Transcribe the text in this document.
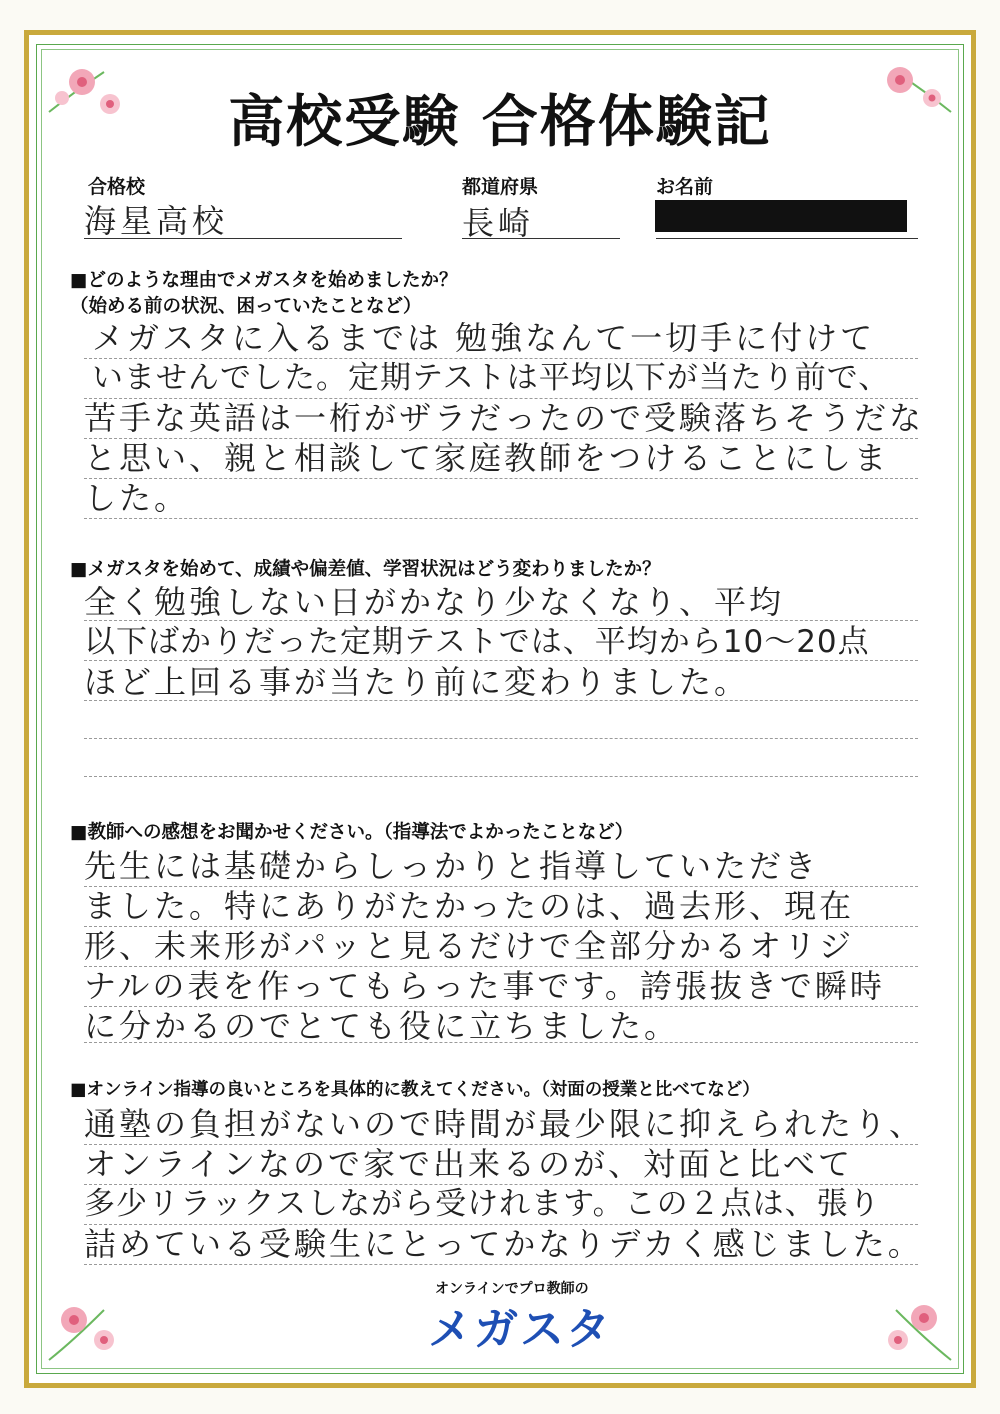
高校受験 合格体験記
合格校
海星高校
都道府県
長崎
お名前
■どのような理由でメガスタを始めましたか？
（始める前の状況、困っていたことなど）
メガスタに入るまでは 勉強なんて一切手に付けて
いませんでした。定期テストは平均以下が当たり前で、
苦手な英語は一桁がザラだったので受験落ちそうだな
と思い、親と相談して家庭教師をつけることにしま
した。
■メガスタを始めて、成績や偏差値、学習状況はどう変わりましたか？
全く勉強しない日がかなり少なくなり、平均
以下ばかりだった定期テストでは、平均から10～20点
ほど上回る事が当たり前に変わりました。
■教師への感想をお聞かせください。（指導法でよかったことなど）
先生には基礎からしっかりと指導していただき
ました。特にありがたかったのは、過去形、現在
形、未来形がパッと見るだけで全部分かるオリジ
ナルの表を作ってもらった事です。誇張抜きで瞬時
に分かるのでとても役に立ちました。
■オンライン指導の良いところを具体的に教えてください。（対面の授業と比べてなど）
通塾の負担がないので時間が最少限に抑えられたり、
オンラインなので家で出来るのが、対面と比べて
多少リラックスしながら受けれます。この２点は、張り
詰めている受験生にとってかなりデカく感じました。
オンラインでプロ教師の
メガスタ
